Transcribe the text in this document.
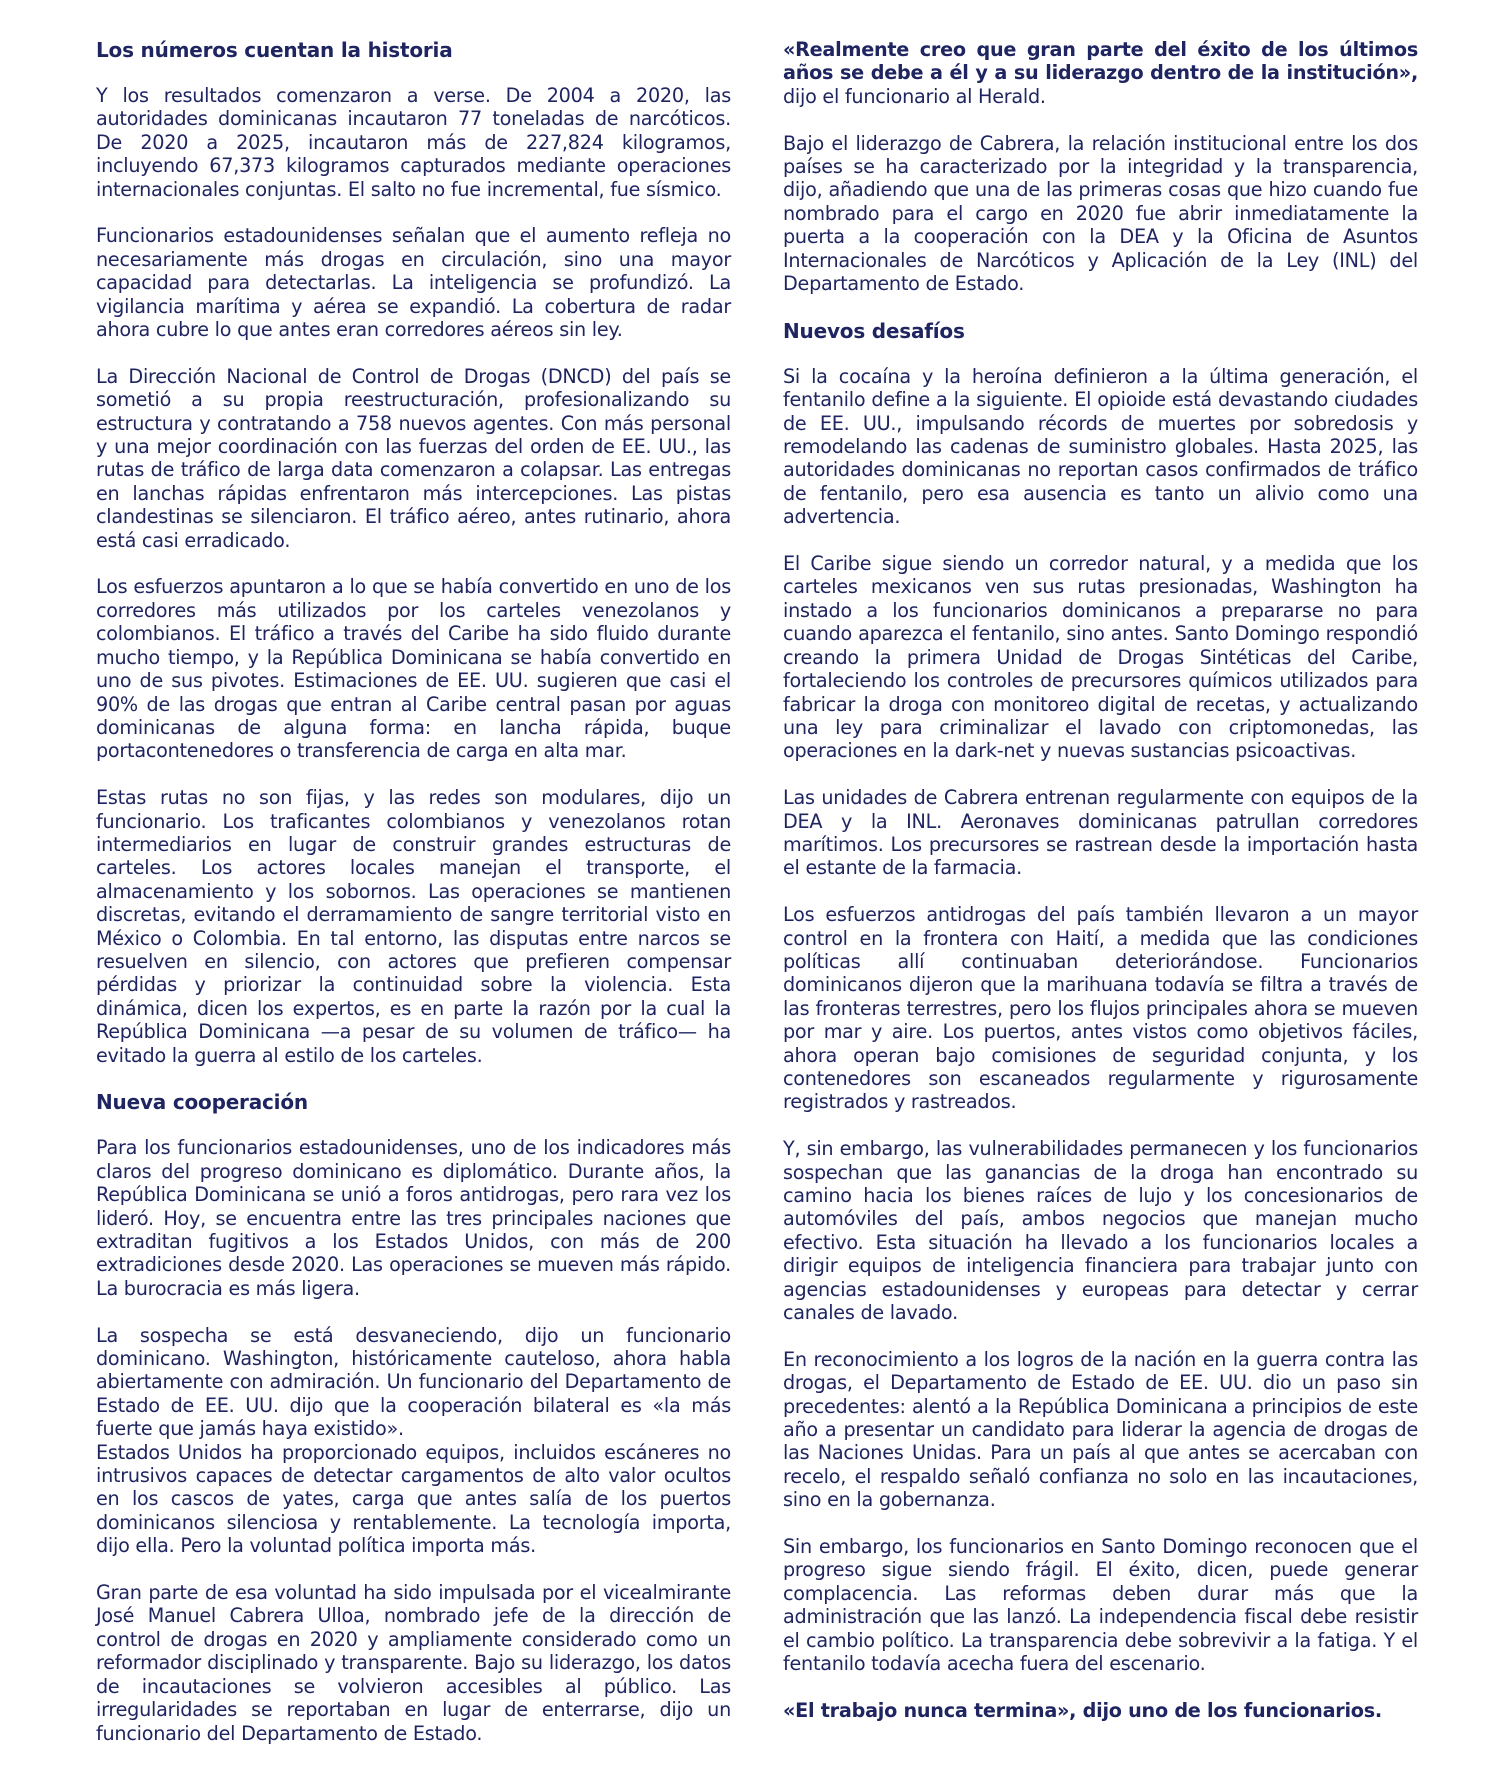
Los números cuentan la historia

Y los resultados comenzaron a verse. De 2004 a 2020, las autoridades dominicanas incautaron 77 toneladas de narcóticos. De 2020 a 2025, incautaron más de 227,824 kilogramos, incluyendo 67,373 kilogramos capturados mediante operaciones internacionales conjuntas. El salto no fue incremental, fue sísmico.

Funcionarios estadounidenses señalan que el aumento refleja no necesariamente más drogas en circulación, sino una mayor capacidad para detectarlas. La inteligencia se profundizó. La vigilancia marítima y aérea se expandió. La cobertura de radar ahora cubre lo que antes eran corredores aéreos sin ley.

La Dirección Nacional de Control de Drogas (DNCD) del país se sometió a su propia reestructuración, profesionalizando su estructura y contratando a 758 nuevos agentes. Con más personal y una mejor coordinación con las fuerzas del orden de EE. UU., las rutas de tráfico de larga data comenzaron a colapsar. Las entregas en lanchas rápidas enfrentaron más intercepciones. Las pistas clandestinas se silenciaron. El tráfico aéreo, antes rutinario, ahora está casi erradicado.

Los esfuerzos apuntaron a lo que se había convertido en uno de los corredores más utilizados por los carteles venezolanos y colombianos. El tráfico a través del Caribe ha sido fluido durante mucho tiempo, y la República Dominicana se había convertido en uno de sus pivotes. Estimaciones de EE. UU. sugieren que casi el 90% de las drogas que entran al Caribe central pasan por aguas dominicanas de alguna forma: en lancha rápida, buque portacontenedores o transferencia de carga en alta mar.

Estas rutas no son fijas, y las redes son modulares, dijo un funcionario. Los traficantes colombianos y venezolanos rotan intermediarios en lugar de construir grandes estructuras de carteles. Los actores locales manejan el transporte, el almacenamiento y los sobornos. Las operaciones se mantienen discretas, evitando el derramamiento de sangre territorial visto en México o Colombia. En tal entorno, las disputas entre narcos se resuelven en silencio, con actores que prefieren compensar pérdidas y priorizar la continuidad sobre la violencia. Esta dinámica, dicen los expertos, es en parte la razón por la cual la República Dominicana —a pesar de su volumen de tráfico— ha evitado la guerra al estilo de los carteles.

Nueva cooperación

Para los funcionarios estadounidenses, uno de los indicadores más claros del progreso dominicano es diplomático. Durante años, la República Dominicana se unió a foros antidrogas, pero rara vez los lideró. Hoy, se encuentra entre las tres principales naciones que extraditan fugitivos a los Estados Unidos, con más de 200 extradiciones desde 2020. Las operaciones se mueven más rápido. La burocracia es más ligera.

La sospecha se está desvaneciendo, dijo un funcionario dominicano. Washington, históricamente cauteloso, ahora habla abiertamente con admiración. Un funcionario del Departamento de Estado de EE. UU. dijo que la cooperación bilateral es «la más fuerte que jamás haya existido».

Estados Unidos ha proporcionado equipos, incluidos escáneres no intrusivos capaces de detectar cargamentos de alto valor ocultos en los cascos de yates, carga que antes salía de los puertos dominicanos silenciosa y rentablemente. La tecnología importa, dijo ella. Pero la voluntad política importa más.

Gran parte de esa voluntad ha sido impulsada por el vicealmirante José Manuel Cabrera Ulloa, nombrado jefe de la dirección de control de drogas en 2020 y ampliamente considerado como un reformador disciplinado y transparente. Bajo su liderazgo, los datos de incautaciones se volvieron accesibles al público. Las irregularidades se reportaban en lugar de enterrarse, dijo un funcionario del Departamento de Estado.

«Realmente creo que gran parte del éxito de los últimos años se debe a él y a su liderazgo dentro de la institución», dijo el funcionario al Herald.

Bajo el liderazgo de Cabrera, la relación institucional entre los dos países se ha caracterizado por la integridad y la transparencia, dijo, añadiendo que una de las primeras cosas que hizo cuando fue nombrado para el cargo en 2020 fue abrir inmediatamente la puerta a la cooperación con la DEA y la Oficina de Asuntos Internacionales de Narcóticos y Aplicación de la Ley (INL) del Departamento de Estado.

Nuevos desafíos

Si la cocaína y la heroína definieron a la última generación, el fentanilo define a la siguiente. El opioide está devastando ciudades de EE. UU., impulsando récords de muertes por sobredosis y remodelando las cadenas de suministro globales. Hasta 2025, las autoridades dominicanas no reportan casos confirmados de tráfico de fentanilo, pero esa ausencia es tanto un alivio como una advertencia.

El Caribe sigue siendo un corredor natural, y a medida que los carteles mexicanos ven sus rutas presionadas, Washington ha instado a los funcionarios dominicanos a prepararse no para cuando aparezca el fentanilo, sino antes. Santo Domingo respondió creando la primera Unidad de Drogas Sintéticas del Caribe, fortaleciendo los controles de precursores químicos utilizados para fabricar la droga con monitoreo digital de recetas, y actualizando una ley para criminalizar el lavado con criptomonedas, las operaciones en la dark-net y nuevas sustancias psicoactivas.

Las unidades de Cabrera entrenan regularmente con equipos de la DEA y la INL. Aeronaves dominicanas patrullan corredores marítimos. Los precursores se rastrean desde la importación hasta el estante de la farmacia.

Los esfuerzos antidrogas del país también llevaron a un mayor control en la frontera con Haití, a medida que las condiciones políticas allí continuaban deteriorándose. Funcionarios dominicanos dijeron que la marihuana todavía se filtra a través de las fronteras terrestres, pero los flujos principales ahora se mueven por mar y aire. Los puertos, antes vistos como objetivos fáciles, ahora operan bajo comisiones de seguridad conjunta, y los contenedores son escaneados regularmente y rigurosamente registrados y rastreados.

Y, sin embargo, las vulnerabilidades permanecen y los funcionarios sospechan que las ganancias de la droga han encontrado su camino hacia los bienes raíces de lujo y los concesionarios de automóviles del país, ambos negocios que manejan mucho efectivo. Esta situación ha llevado a los funcionarios locales a dirigir equipos de inteligencia financiera para trabajar junto con agencias estadounidenses y europeas para detectar y cerrar canales de lavado.

En reconocimiento a los logros de la nación en la guerra contra las drogas, el Departamento de Estado de EE. UU. dio un paso sin precedentes: alentó a la República Dominicana a principios de este año a presentar un candidato para liderar la agencia de drogas de las Naciones Unidas. Para un país al que antes se acercaban con recelo, el respaldo señaló confianza no solo en las incautaciones, sino en la gobernanza.

Sin embargo, los funcionarios en Santo Domingo reconocen que el progreso sigue siendo frágil. El éxito, dicen, puede generar complacencia. Las reformas deben durar más que la administración que las lanzó. La independencia fiscal debe resistir el cambio político. La transparencia debe sobrevivir a la fatiga. Y el fentanilo todavía acecha fuera del escenario.

«El trabajo nunca termina», dijo uno de los funcionarios.
